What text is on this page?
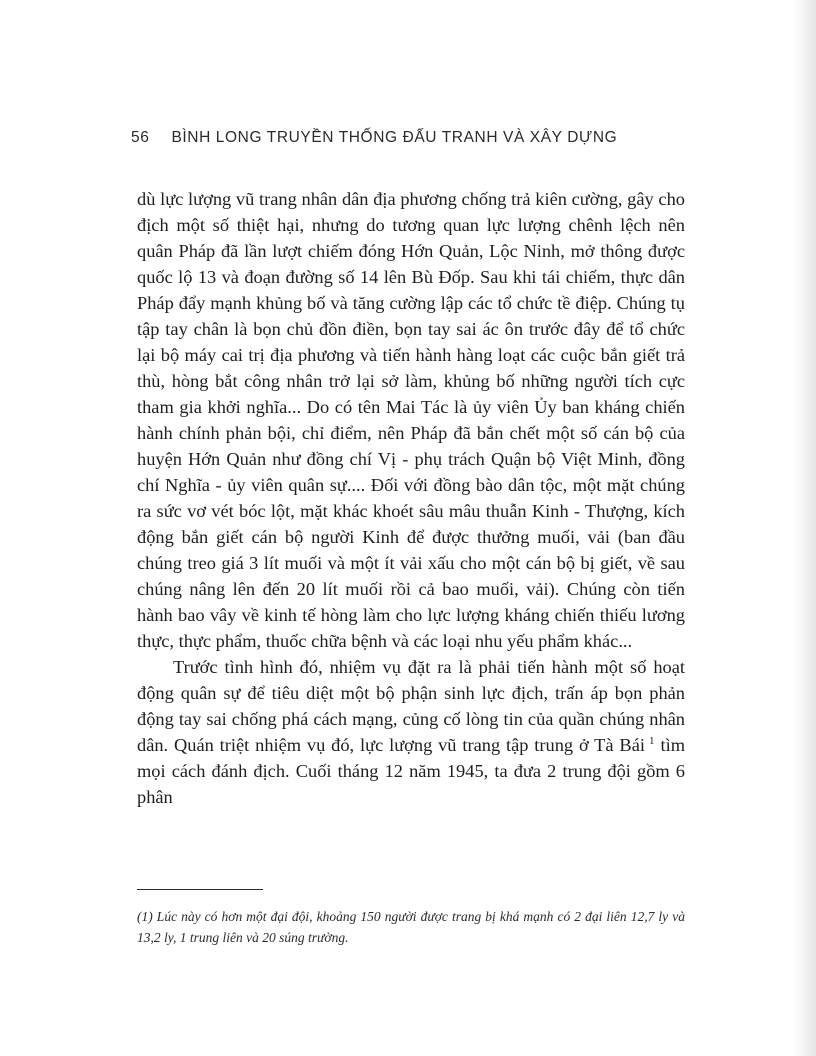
56 BÌNH LONG TRUYỀN THỐNG ĐẤU TRANH VÀ XÂY DỰNG

dù lực lượng vũ trang nhân dân địa phương chống trả kiên cường, gây cho địch một số thiệt hại, nhưng do tương quan lực lượng chênh lệch nên quân Pháp đã lần lượt chiếm đóng Hớn Quản, Lộc Ninh, mở thông được quốc lộ 13 và đoạn đường số 14 lên Bù Đốp. Sau khi tái chiếm, thực dân Pháp đẩy mạnh khủng bố và tăng cường lập các tổ chức tề điệp. Chúng tụ tập tay chân là bọn chủ đồn điền, bọn tay sai ác ôn trước đây để tổ chức lại bộ máy cai trị địa phương và tiến hành hàng loạt các cuộc bắn giết trả thù, hòng bắt công nhân trở lại sở làm, khủng bố những người tích cực tham gia khởi nghĩa... Do có tên Mai Tác là ủy viên Ủy ban kháng chiến hành chính phản bội, chỉ điểm, nên Pháp đã bắn chết một số cán bộ của huyện Hớn Quản như đồng chí Vị - phụ trách Quận bộ Việt Minh, đồng chí Nghĩa - ủy viên quân sự.... Đối với đồng bào dân tộc, một mặt chúng ra sức vơ vét bóc lột, mặt khác khoét sâu mâu thuẫn Kinh - Thượng, kích động bắn giết cán bộ người Kinh để được thưởng muối, vải (ban đầu chúng treo giá 3 lít muối và một ít vải xấu cho một cán bộ bị giết, về sau chúng nâng lên đến 20 lít muối rồi cả bao muối, vải). Chúng còn tiến hành bao vây về kinh tế hòng làm cho lực lượng kháng chiến thiếu lương thực, thực phẩm, thuốc chữa bệnh và các loại nhu yếu phẩm khác...

Trước tình hình đó, nhiệm vụ đặt ra là phải tiến hành một số hoạt động quân sự để tiêu diệt một bộ phận sinh lực địch, trấn áp bọn phản động tay sai chống phá cách mạng, củng cố lòng tin của quần chúng nhân dân. Quán triệt nhiệm vụ đó, lực lượng vũ trang tập trung ở Tà Bái $^1$ tìm mọi cách đánh địch. Cuối tháng 12 năm 1945, ta đưa 2 trung đội gồm 6 phân

(1) Lúc này có hơn một đại đội, khoảng 150 người được trang bị khá mạnh có 2 đại liên 12,7 ly và 13,2 ly, 1 trung liên và 20 súng trường.
